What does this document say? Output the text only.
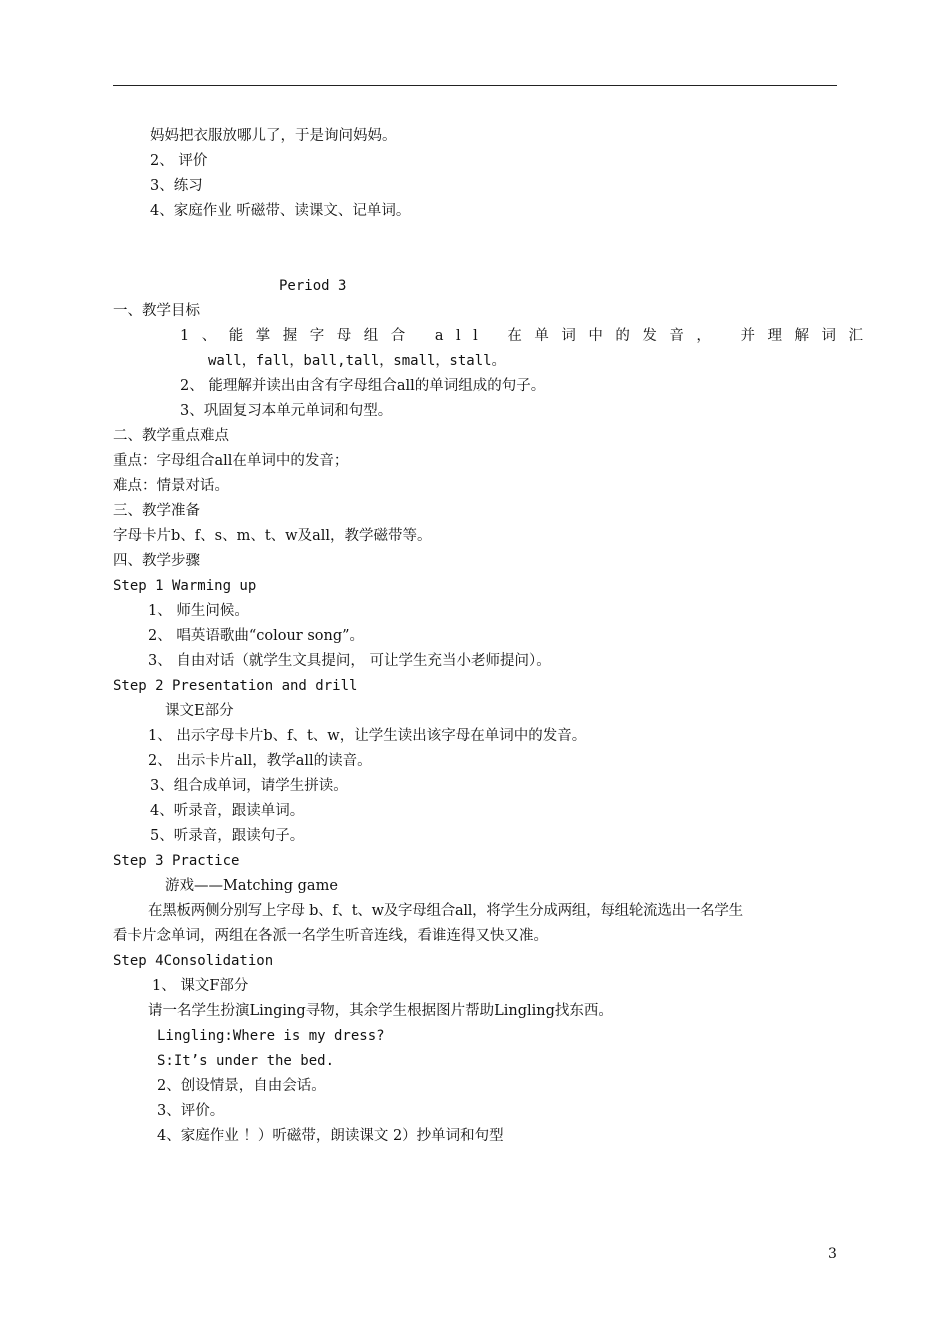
妈妈把衣服放哪儿了，于是询问妈妈。
2、 评价
3、练习
4、家庭作业 听磁带、读课文、记单词。
Period 3
一、教学目标
1、能掌握字母组合 all 在单词中的发音， 并理解词汇
wall，fall，ball,tall，small，stall。
2、 能理解并读出由含有字母组合all的单词组成的句子。
3、巩固复习本单元单词和句型。
二、教学重点难点
重点：字母组合all在单词中的发音；
难点：情景对话。
三、教学准备
字母卡片b、f、s、m、t、w及all，教学磁带等。
四、教学步骤
Step 1 Warming up
1、 师生问候。
2、 唱英语歌曲“colour song”。
3、 自由对话（就学生文具提问， 可让学生充当小老师提问）。
Step 2 Presentation and drill
课文E部分
1、 出示字母卡片b、f、t、w，让学生读出该字母在单词中的发音。
2、 出示卡片all，教学all的读音。
3、组合成单词，请学生拼读。
4、听录音，跟读单词。
5、听录音，跟读句子。
Step 3 Practice
游戏——Matching game
在黑板两侧分别写上字母 b、f、t、w及字母组合all，将学生分成两组，每组轮流选出一名学生
看卡片念单词，两组在各派一名学生听音连线，看谁连得又快又准。
Step 4Consolidation
1、 课文F部分
请一名学生扮演Linging寻物，其余学生根据图片帮助Lingling找东西。
Lingling:Where is my dress?
S:It’s under the bed.
2、创设情景，自由会话。
3、评价。
4、家庭作业 ！）听磁带，朗读课文 2）抄单词和句型
3
